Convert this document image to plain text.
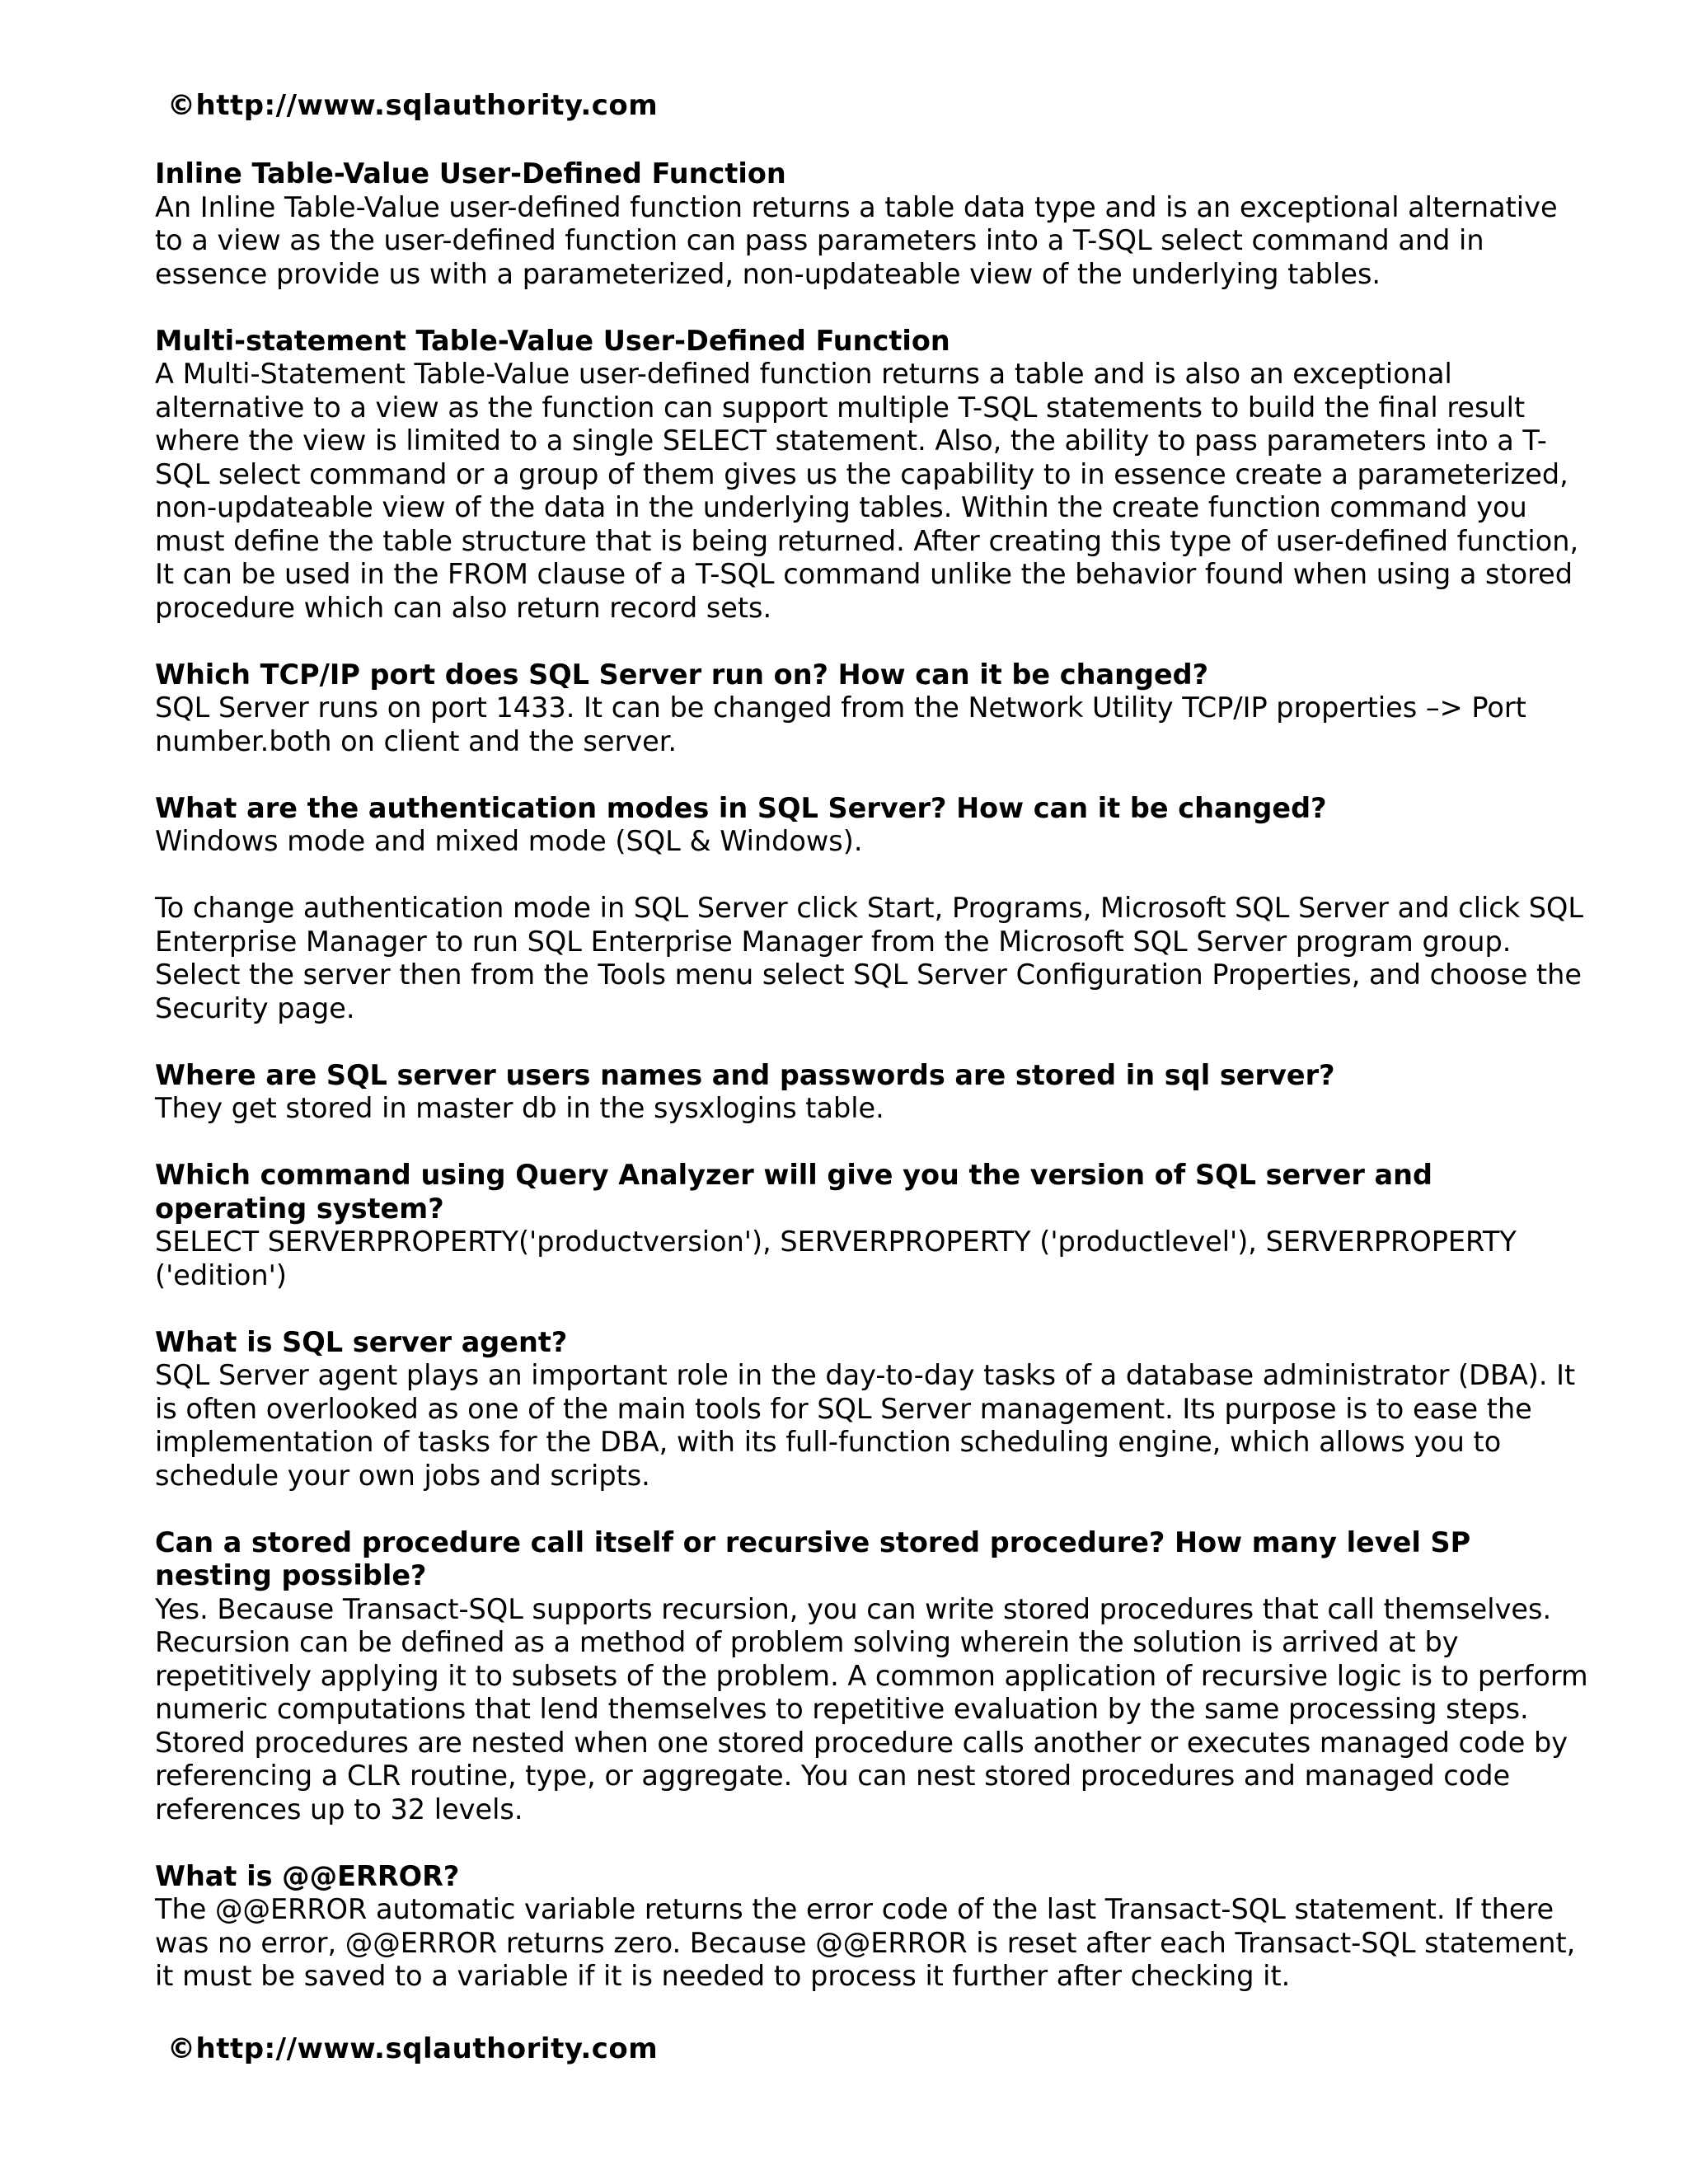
©http://www.sqlauthority.com

Inline Table-Value User-Defined Function

An Inline Table-Value user-defined function returns a table data type and is an exceptional alternative to a view as the user-defined function can pass parameters into a T-SQL select command and in essence provide us with a parameterized, non-updateable view of the underlying tables.

Multi-statement Table-Value User-Defined Function

A Multi-Statement Table-Value user-defined function returns a table and is also an exceptional alternative to a view as the function can support multiple T-SQL statements to build the final result where the view is limited to a single SELECT statement. Also, the ability to pass parameters into a T-SQL select command or a group of them gives us the capability to in essence create a parameterized, non-updateable view of the data in the underlying tables. Within the create function command you must define the table structure that is being returned. After creating this type of user-defined function, It can be used in the FROM clause of a T-SQL command unlike the behavior found when using a stored procedure which can also return record sets.

Which TCP/IP port does SQL Server run on? How can it be changed?

SQL Server runs on port 1433. It can be changed from the Network Utility TCP/IP properties –> Port number.both on client and the server.

What are the authentication modes in SQL Server? How can it be changed?

Windows mode and mixed mode (SQL & Windows).

To change authentication mode in SQL Server click Start, Programs, Microsoft SQL Server and click SQL Enterprise Manager to run SQL Enterprise Manager from the Microsoft SQL Server program group. Select the server then from the Tools menu select SQL Server Configuration Properties, and choose the Security page.

Where are SQL server users names and passwords are stored in sql server?

They get stored in master db in the sysxlogins table.

Which command using Query Analyzer will give you the version of SQL server and operating system?

SELECT SERVERPROPERTY('productversion'), SERVERPROPERTY ('productlevel'), SERVERPROPERTY ('edition')

What is SQL server agent?

SQL Server agent plays an important role in the day-to-day tasks of a database administrator (DBA). It is often overlooked as one of the main tools for SQL Server management. Its purpose is to ease the implementation of tasks for the DBA, with its full-function scheduling engine, which allows you to schedule your own jobs and scripts.

Can a stored procedure call itself or recursive stored procedure? How many level SP nesting possible?

Yes. Because Transact-SQL supports recursion, you can write stored procedures that call themselves. Recursion can be defined as a method of problem solving wherein the solution is arrived at by repetitively applying it to subsets of the problem. A common application of recursive logic is to perform numeric computations that lend themselves to repetitive evaluation by the same processing steps. Stored procedures are nested when one stored procedure calls another or executes managed code by referencing a CLR routine, type, or aggregate. You can nest stored procedures and managed code references up to 32 levels.

What is @@ERROR?

The @@ERROR automatic variable returns the error code of the last Transact-SQL statement. If there was no error, @@ERROR returns zero. Because @@ERROR is reset after each Transact-SQL statement, it must be saved to a variable if it is needed to process it further after checking it.

©http://www.sqlauthority.com
